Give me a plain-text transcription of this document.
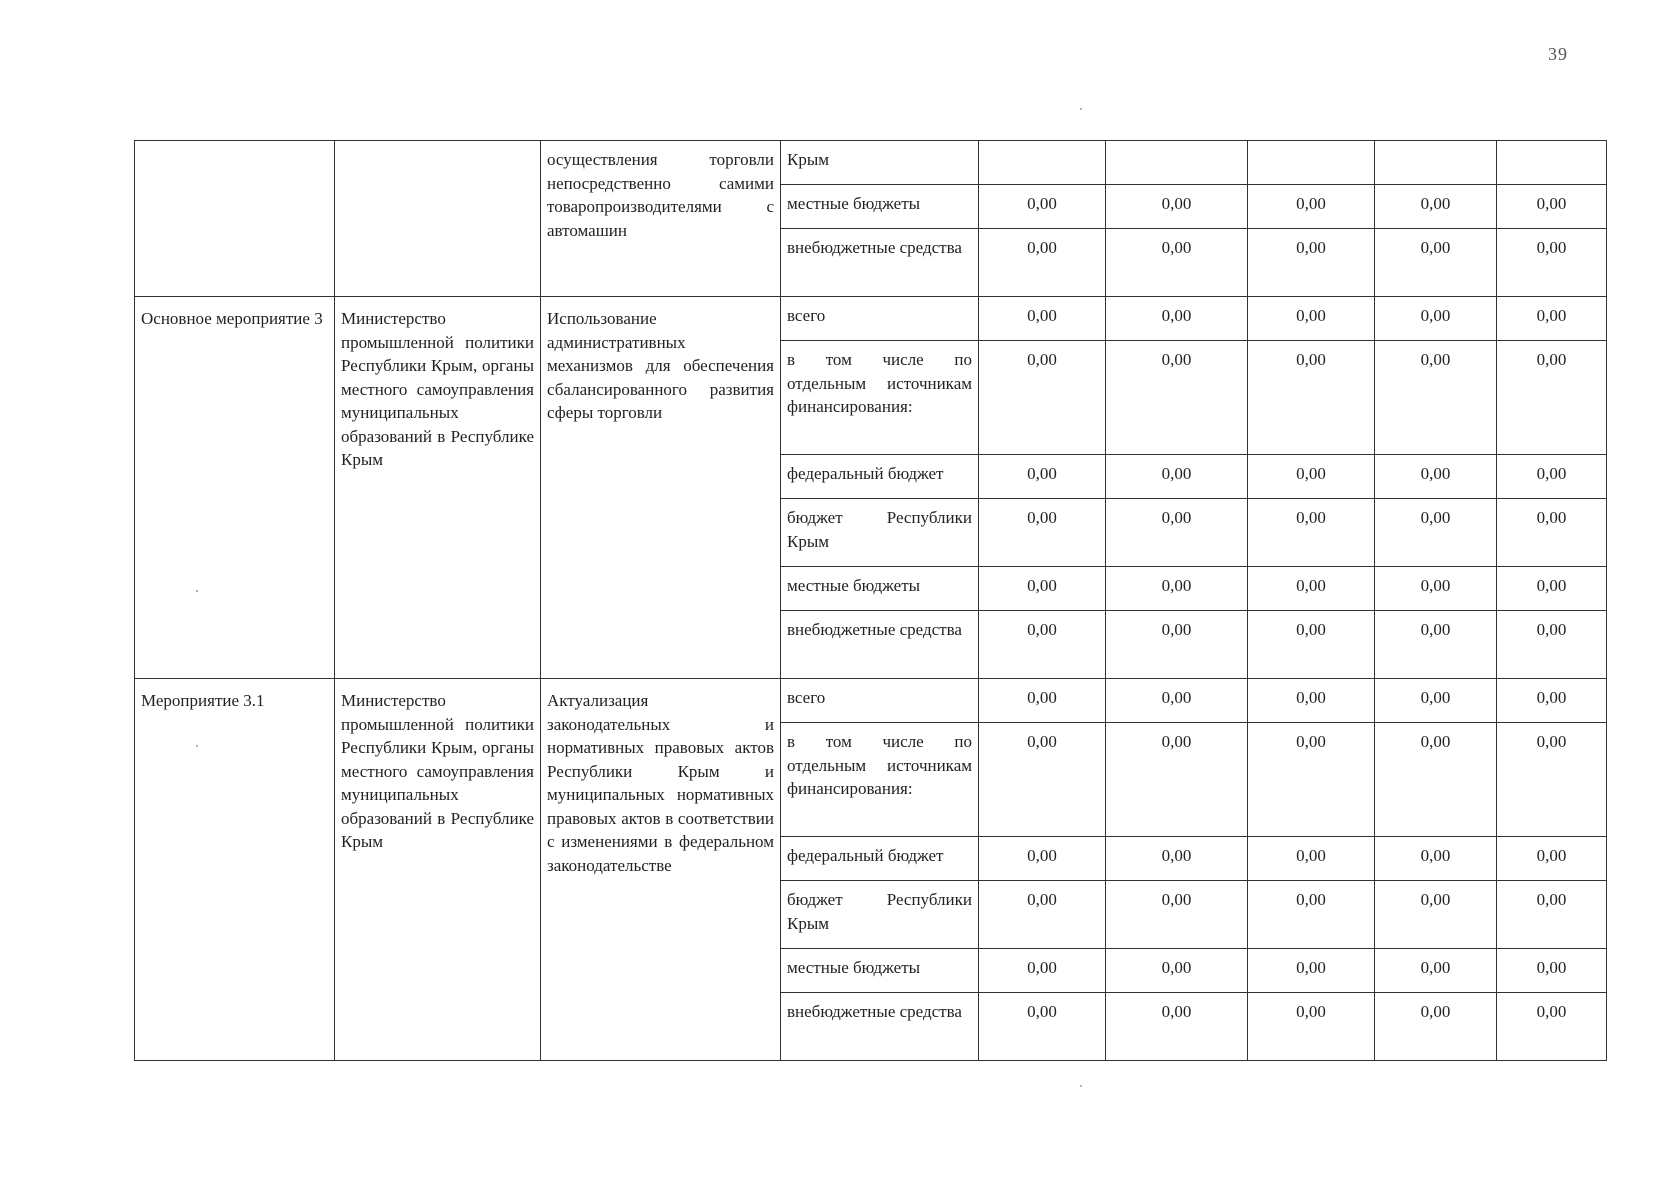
39
		осуществления торговли непосредственно самими товаропроизводителями с автомашин	Крым					
			местные бюджеты	0,00	0,00	0,00	0,00	0,00
			внебюджетные средства	0,00	0,00	0,00	0,00	0,00
Основное мероприятие 3	Министерство промышленной политики Республики Крым, органы местного самоуправления муниципальных образований в Республике Крым	Использование административных механизмов для обеспечения сбалансированного развития сферы торговли	всего	0,00	0,00	0,00	0,00	0,00
			в том числе по отдельным источникам финансирования:	0,00	0,00	0,00	0,00	0,00
			федеральный бюджет	0,00	0,00	0,00	0,00	0,00
			бюджет Республики Крым	0,00	0,00	0,00	0,00	0,00
			местные бюджеты	0,00	0,00	0,00	0,00	0,00
			внебюджетные средства	0,00	0,00	0,00	0,00	0,00
Мероприятие 3.1	Министерство промышленной политики Республики Крым, органы местного самоуправления муниципальных образований в Республике Крым	Актуализация законодательных и нормативных правовых актов Республики Крым и муниципальных нормативных правовых актов в соответствии с изменениями в федеральном законодательстве	всего	0,00	0,00	0,00	0,00	0,00
			в том числе по отдельным источникам финансирования:	0,00	0,00	0,00	0,00	0,00
			федеральный бюджет	0,00	0,00	0,00	0,00	0,00
			бюджет Республики Крым	0,00	0,00	0,00	0,00	0,00
			местные бюджеты	0,00	0,00	0,00	0,00	0,00
			внебюджетные средства	0,00	0,00	0,00	0,00	0,00
